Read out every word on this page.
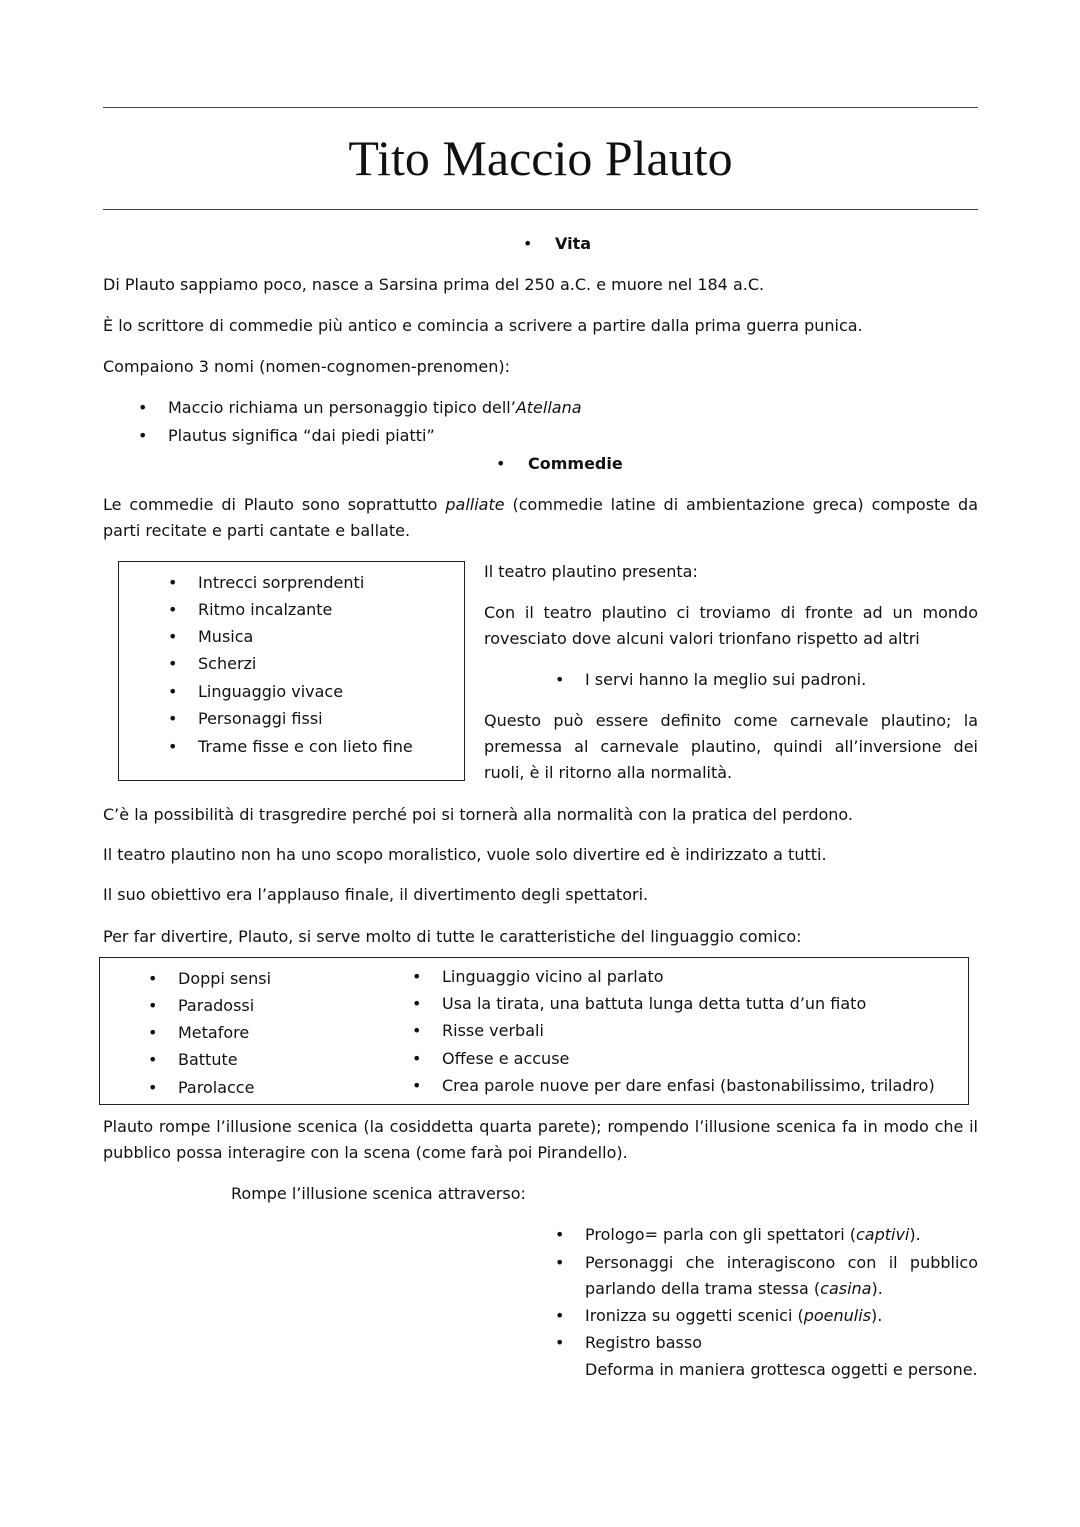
Tito Maccio Plauto
• Vita

Di Plauto sappiamo poco, nasce a Sarsina prima del 250 a.C. e muore nel 184 a.C.

È lo scrittore di commedie più antico e comincia a scrivere a partire dalla prima guerra punica.

Compaiono 3 nomi (nomen-cognomen-prenomen):

• Maccio richiama un personaggio tipico dell’Atellana
• Plautus significa “dai piedi piatti”
• Commedie

Le commedie di Plauto sono soprattutto palliate (commedie latine di ambientazione greca) composte da parti recitate e parti cantate e ballate.

• Intrecci sorprendenti
• Ritmo incalzante
• Musica
• Scherzi
• Linguaggio vivace
• Personaggi fissi
• Trame fisse e con lieto fine

Il teatro plautino presenta:

Con il teatro plautino ci troviamo di fronte ad un mondo rovesciato dove alcuni valori trionfano rispetto ad altri

• I servi hanno la meglio sui padroni.

Questo può essere definito come carnevale plautino; la premessa al carnevale plautino, quindi all’inversione dei ruoli, è il ritorno alla normalità.

C’è la possibilità di trasgredire perché poi si tornerà alla normalità con la pratica del perdono.

Il teatro plautino non ha uno scopo moralistico, vuole solo divertire ed è indirizzato a tutti.

Il suo obiettivo era l’applauso finale, il divertimento degli spettatori.

Per far divertire, Plauto, si serve molto di tutte le caratteristiche del linguaggio comico:

• Doppi sensi
• Paradossi
• Metafore
• Battute
• Parolacce
• Linguaggio vicino al parlato
• Usa la tirata, una battuta lunga detta tutta d’un fiato
• Risse verbali
• Offese e accuse
• Crea parole nuove per dare enfasi (bastonabilissimo, triladro)

Plauto rompe l’illusione scenica (la cosiddetta quarta parete); rompendo l’illusione scenica fa in modo che il pubblico possa interagire con la scena (come farà poi Pirandello).

Rompe l’illusione scenica attraverso:

• Prologo= parla con gli spettatori (captivi).
• Personaggi che interagiscono con il pubblico parlando della trama stessa (casina).
• Ironizza su oggetti scenici (poenulis).
• Registro basso

Deforma in maniera grottesca oggetti e persone.
